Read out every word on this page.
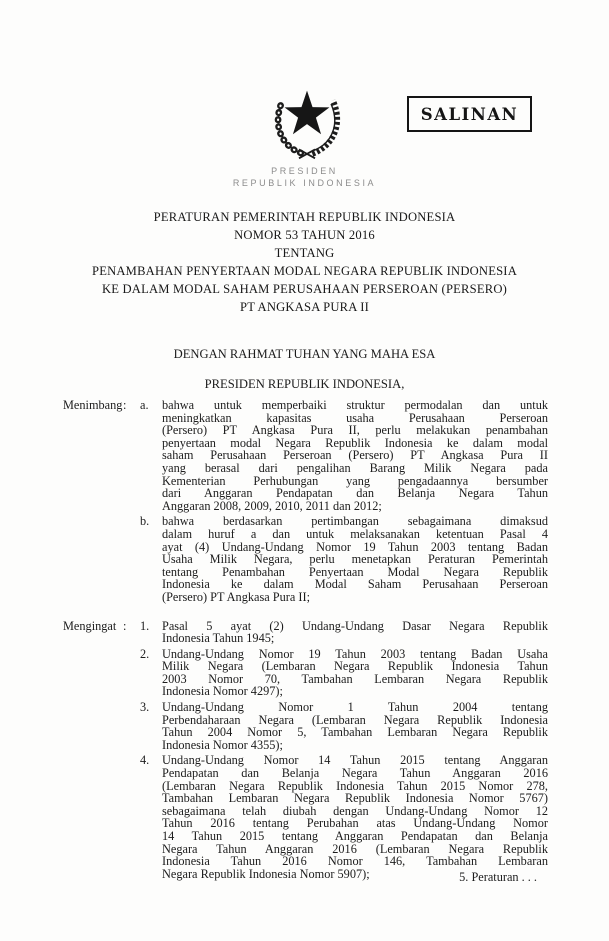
SALINAN
PRESIDEN
REPUBLIK INDONESIA
PERATURAN PEMERINTAH REPUBLIK INDONESIA
NOMOR 53 TAHUN 2016
TENTANG
PENAMBAHAN PENYERTAAN MODAL NEGARA REPUBLIK INDONESIA
KE DALAM MODAL SAHAM PERUSAHAAN PERSEROAN (PERSERO)
PT ANGKASA PURA II
DENGAN RAHMAT TUHAN YANG MAHA ESA
PRESIDEN REPUBLIK INDONESIA,
Menimbang :	a.	bahwa untuk memperbaiki struktur permodalan dan untuk
meningkatkan kapasitas usaha Perusahaan Perseroan
(Persero) PT Angkasa Pura II, perlu melakukan penambahan
penyertaan modal Negara Republik Indonesia ke dalam modal
saham Perusahaan Perseroan (Persero) PT Angkasa Pura II
yang berasal dari pengalihan Barang Milik Negara pada
Kementerian Perhubungan yang pengadaannya bersumber
dari Anggaran Pendapatan dan Belanja Negara Tahun
Anggaran 2008, 2009, 2010, 2011 dan 2012;
b.	bahwa berdasarkan pertimbangan sebagaimana dimaksud
dalam huruf a dan untuk melaksanakan ketentuan Pasal 4
ayat (4) Undang-Undang Nomor 19 Tahun 2003 tentang Badan
Usaha Milik Negara, perlu menetapkan Peraturan Pemerintah
tentang Penambahan Penyertaan Modal Negara Republik
Indonesia ke dalam Modal Saham Perusahaan Perseroan
(Persero) PT Angkasa Pura II;
Mengingat :	1.	Pasal 5 ayat (2) Undang-Undang Dasar Negara Republik
Indonesia Tahun 1945;
2.	Undang-Undang Nomor 19 Tahun 2003 tentang Badan Usaha
Milik Negara (Lembaran Negara Republik Indonesia Tahun
2003 Nomor 70, Tambahan Lembaran Negara Republik
Indonesia Nomor 4297);
3.	Undang-Undang Nomor 1 Tahun 2004 tentang
Perbendaharaan Negara (Lembaran Negara Republik Indonesia
Tahun 2004 Nomor 5, Tambahan Lembaran Negara Republik
Indonesia Nomor 4355);
4.	Undang-Undang Nomor 14 Tahun 2015 tentang Anggaran
Pendapatan dan Belanja Negara Tahun Anggaran 2016
(Lembaran Negara Republik Indonesia Tahun 2015 Nomor 278,
Tambahan Lembaran Negara Republik Indonesia Nomor 5767)
sebagaimana telah diubah dengan Undang-Undang Nomor 12
Tahun 2016 tentang Perubahan atas Undang-Undang Nomor
14 Tahun 2015 tentang Anggaran Pendapatan dan Belanja
Negara Tahun Anggaran 2016 (Lembaran Negara Republik
Indonesia Tahun 2016 Nomor 146, Tambahan Lembaran
Negara Republik Indonesia Nomor 5907);	5. Peraturan . . .
